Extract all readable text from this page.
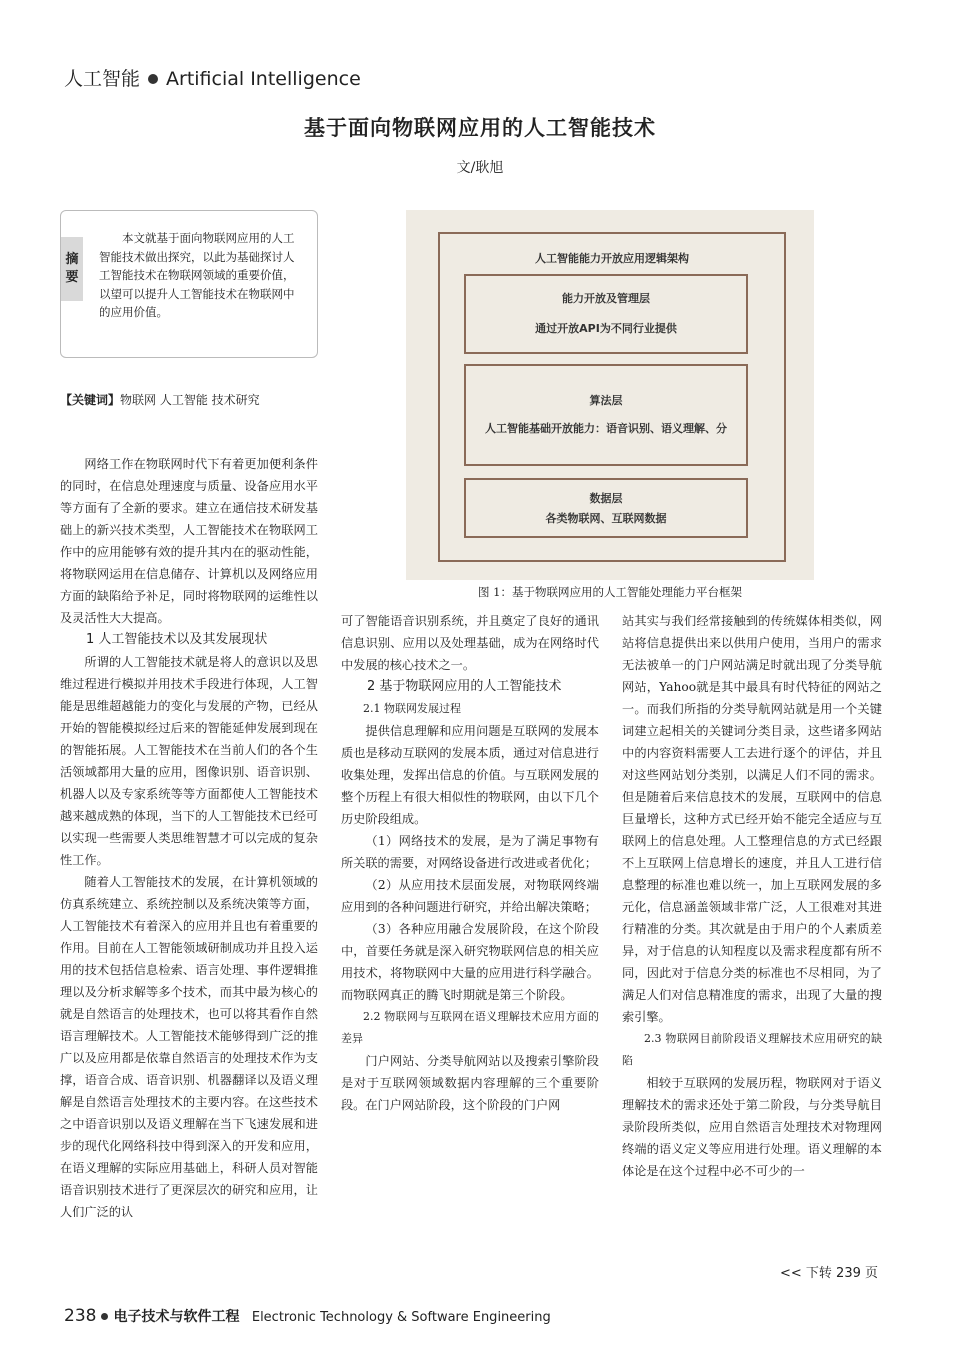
人工智能 Artificial Intelligence
基于面向物联网应用的人工智能技术
文/耿旭
摘
要
本文就基于面向物联网应用的人工智能技术做出探究，以此为基础探讨人工智能技术在物联网领域的重要价值，以望可以提升人工智能技术在物联网中的应用价值。
【关键词】物联网 人工智能 技术研究

网络工作在物联网时代下有着更加便利条件的同时，在信息处理速度与质量、设备应用水平等方面有了全新的要求。建立在通信技术研发基础上的新兴技术类型，人工智能技术在物联网工作中的应用能够有效的提升其内在的驱动性能，将物联网运用在信息储存、计算机以及网络应用方面的缺陷给予补足，同时将物联网的运维性以及灵活性大大提高。

1 人工智能技术以及其发展现状

所谓的人工智能技术就是将人的意识以及思维过程进行模拟并用技术手段进行体现，人工智能是思维超越能力的变化与发展的产物，已经从开始的智能模拟经过后来的智能延伸发展到现在的智能拓展。人工智能技术在当前人们的各个生活领域都用大量的应用，图像识别、语音识别、机器人以及专家系统等等方面都使人工智能技术越来越成熟的体现，当下的人工智能技术已经可以实现一些需要人类思维智慧才可以完成的复杂性工作。

随着人工智能技术的发展，在计算机领域的仿真系统建立、系统控制以及系统决策等方面，人工智能技术有着深入的应用并且也有着重要的作用。目前在人工智能领域研制成功并且投入运用的技术包括信息检索、语言处理、事件逻辑推理以及分析求解等多个技术，而其中最为核心的就是自然语言的处理技术，也可以将其看作自然语言理解技术。人工智能技术能够得到广泛的推广以及应用都是依靠自然语言的处理技术作为支撑，语音合成、语音识别、机器翻译以及语义理解是自然语言处理技术的主要内容。在这些技术之中语音识别以及语义理解在当下飞速发展和进步的现代化网络科技中得到深入的开发和应用，在语义理解的实际应用基础上，科研人员对智能语音识别技术进行了更深层次的研究和应用，让人们广泛的认

人工智能能力开放应用逻辑架构
能力开放及管理层
通过开放API为不同行业提供
算法层
人工智能基础开放能力：语音识别、语义理解、分
数据层
各类物联网、互联网数据
图 1：基于物联网应用的人工智能处理能力平台框架

可了智能语音识别系统，并且奠定了良好的通讯信息识别、应用以及处理基础，成为在网络时代中发展的核心技术之一。

2 基于物联网应用的人工智能技术

2.1 物联网发展过程

提供信息理解和应用问题是互联网的发展本质也是移动互联网的发展本质，通过对信息进行收集处理，发挥出信息的价值。与互联网发展的整个历程上有很大相似性的物联网，由以下几个历史阶段组成。

（1）网络技术的发展，是为了满足事物有所关联的需要，对网络设备进行改进或者优化；

（2）从应用技术层面发展，对物联网终端应用到的各种问题进行研究，并给出解决策略；

（3）各种应用融合发展阶段，在这个阶段中，首要任务就是深入研究物联网信息的相关应用技术，将物联网中大量的应用进行科学融合。而物联网真正的腾飞时期就是第三个阶段。

2.2 物联网与互联网在语义理解技术应用方面的差异

门户网站、分类导航网站以及搜索引擎阶段是对于互联网领域数据内容理解的三个重要阶段。在门户网站阶段，这个阶段的门户网

站其实与我们经常接触到的传统媒体相类似，网站将信息提供出来以供用户使用，当用户的需求无法被单一的门户网站满足时就出现了分类导航网站，Yahoo就是其中最具有时代特征的网站之一。而我们所指的分类导航网站就是用一个关键词建立起相关的关键词分类目录，这些诸多网站中的内容资料需要人工去进行逐个的评估，并且对这些网站划分类别，以满足人们不同的需求。但是随着后来信息技术的发展，互联网中的信息巨量增长，这种方式已经开始不能完全适应与互联网上的信息处理。人工整理信息的方式已经跟不上互联网上信息增长的速度，并且人工进行信息整理的标准也难以统一，加上互联网发展的多元化，信息涵盖领域非常广泛，人工很难对其进行精准的分类。其次就是由于用户的个人素质差异，对于信息的认知程度以及需求程度都有所不同，因此对于信息分类的标准也不尽相同，为了满足人们对信息精准度的需求，出现了大量的搜索引擎。

2.3 物联网目前阶段语义理解技术应用研究的缺陷

相较于互联网的发展历程，物联网对于语义理解技术的需求还处于第二阶段，与分类导航目录阶段所类似，应用自然语言处理技术对物理网终端的语义定义等应用进行处理。语义理解的本体论是在这个过程中必不可少的一

<< 下转 239 页
238 电子技术与软件工程 Electronic Technology & Software Engineering
